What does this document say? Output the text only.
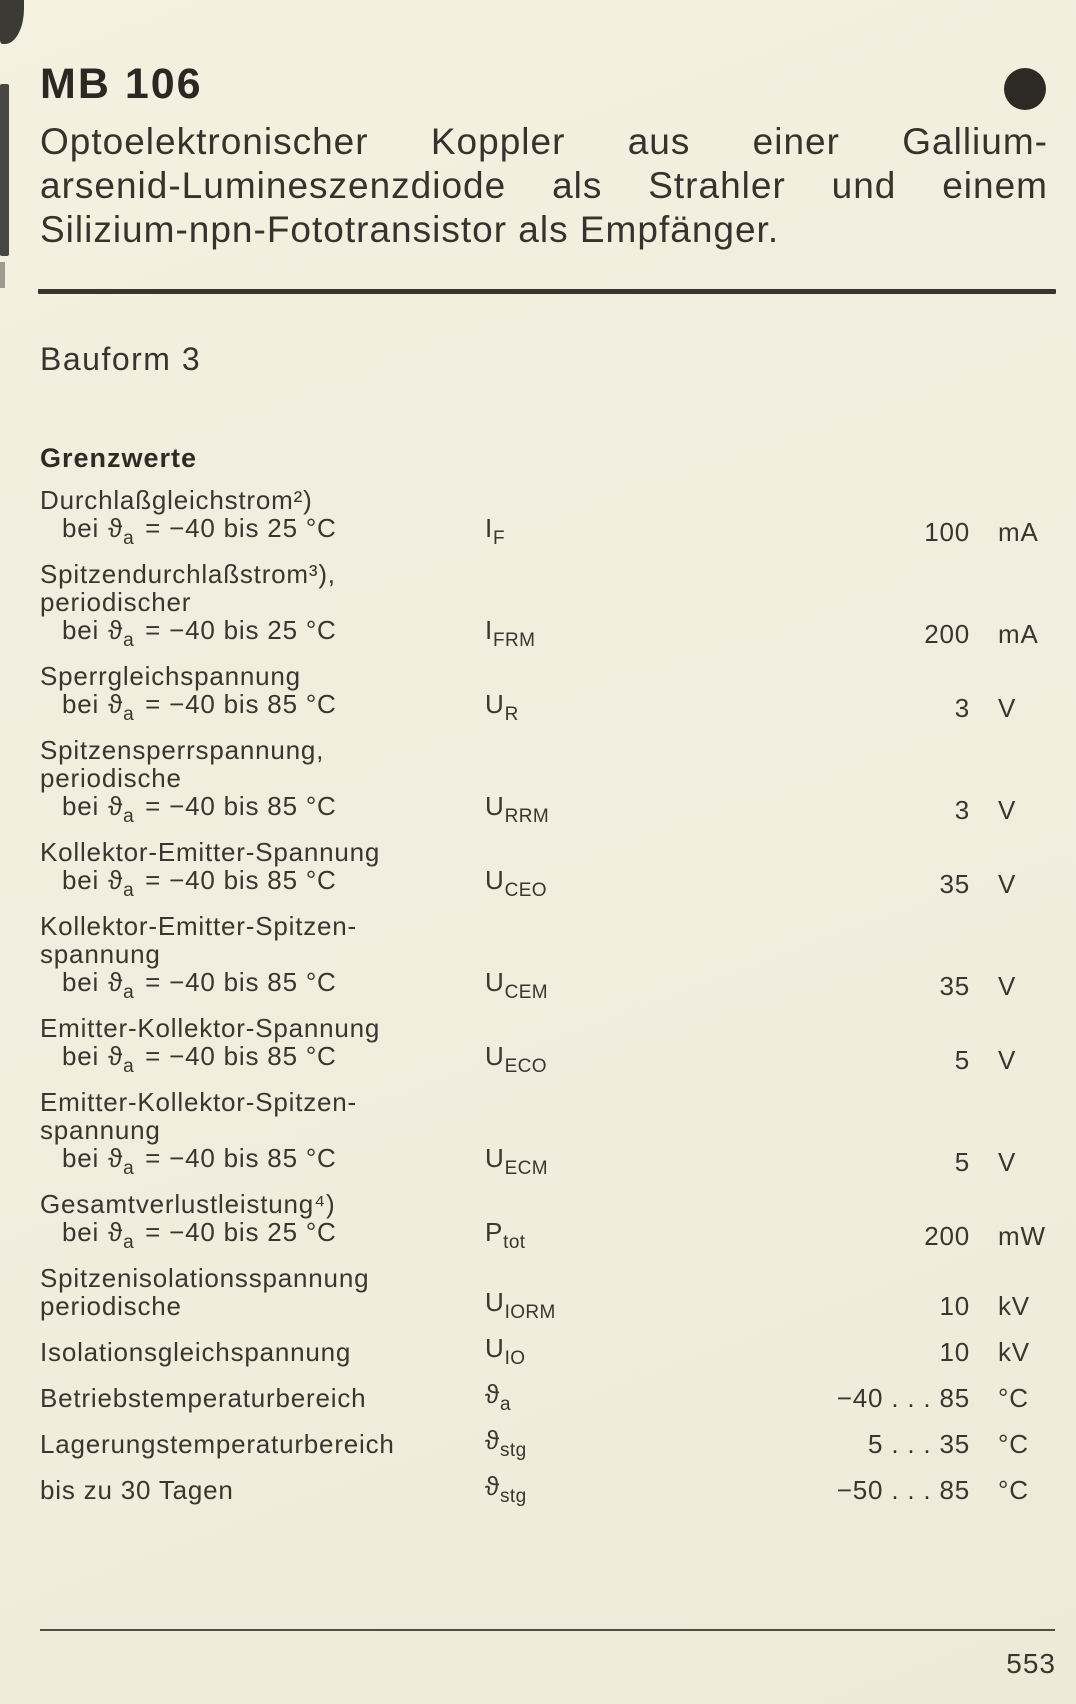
MB 106
Optoelektronischer Koppler aus einer Gallium-
arsenid-Lumineszenzdiode als Strahler und einem
Silizium-npn-Fototransistor als Empfänger.
Bauform 3
Grenzwerte
Durchlaßgleichstrom²)
bei $ϑ_a = -40$ bis 25 °C	$I_F$	100	mA
Spitzendurchlaßstrom³),
periodischer
bei $ϑ_a = -40$ bis 25 °C	$I_{FRM}$	200	mA
Sperrgleichspannung
bei $ϑ_a = -40$ bis 85 °C	$U_R$	3	V
Spitzensperrspannung,
periodische
bei $ϑ_a = -40$ bis 85 °C	$U_{RRM}$	3	V
Kollektor-Emitter-Spannung
bei $ϑ_a = -40$ bis 85 °C	$U_{CEO}$	35	V
Kollektor-Emitter-Spitzen-
spannung
bei $ϑ_a = -40$ bis 85 °C	$U_{CEM}$	35	V
Emitter-Kollektor-Spannung
bei $ϑ_a = -40$ bis 85 °C	$U_{ECO}$	5	V
Emitter-Kollektor-Spitzen-
spannung
bei $ϑ_a = -40$ bis 85 °C	$U_{ECM}$	5	V
Gesamtverlustleistung⁴)
bei $ϑ_a = -40$ bis 25 °C	$P_{tot}$	200	mW
Spitzenisolationsspannung
periodische	$U_{IORM}$	10	kV
Isolationsgleichspannung	$U_{IO}$	10	kV
Betriebstemperaturbereich	$ϑ_a$	−40 . . . 85	°C
Lagerungstemperaturbereich	$ϑ_{stg}$	5 . . . 35	°C
bis zu 30 Tagen	$ϑ_{stg}$	−50 . . . 85	°C
553
